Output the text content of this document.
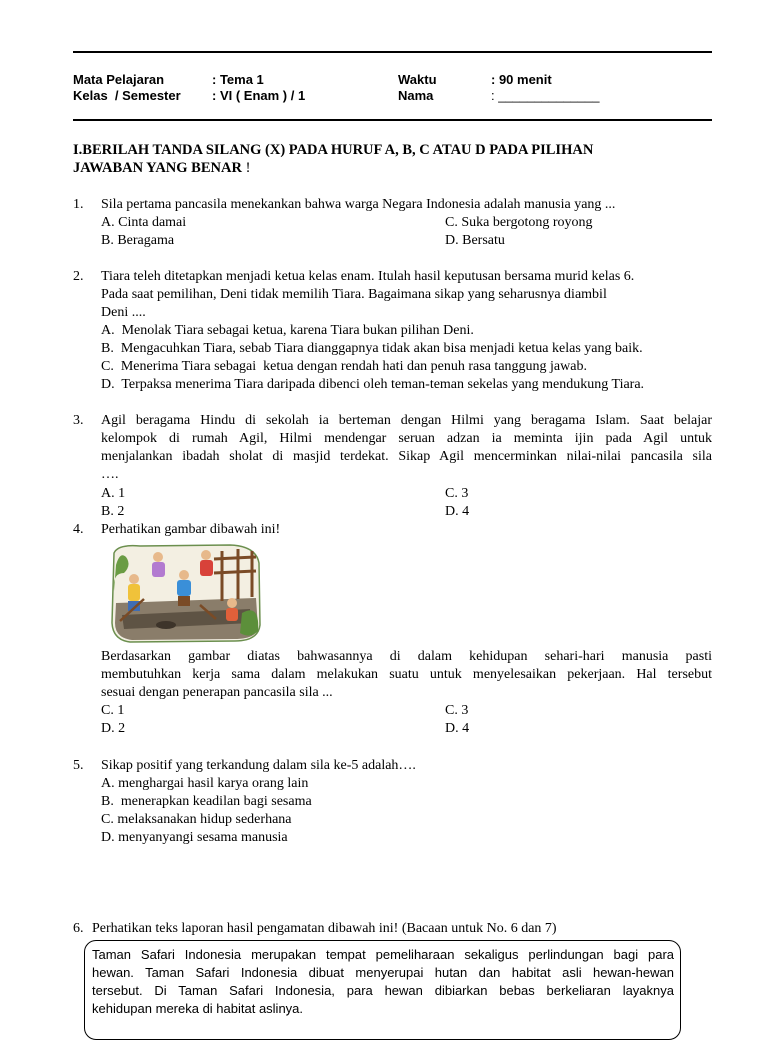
Mata Pelajaran	: Tema 1	Waktu	: 90 menit
Kelas  / Semester : VI ( Enam ) / 1	Nama	: ______________
I.BERILAH TANDA SILANG (X) PADA HURUF A, B, C ATAU D PADA PILIHAN
JAWABAN YANG BENAR !
1. Sila pertama pancasila menekankan bahwa warga Negara Indonesia adalah manusia yang ...
A. Cinta damai	C. Suka bergotong royong
B. Beragama	D. Bersatu
2. Tiara teleh ditetapkan menjadi ketua kelas enam. Itulah hasil keputusan bersama murid kelas 6.
Pada saat pemilihan, Deni tidak memilih Tiara. Bagaimana sikap yang seharusnya diambil
Deni ....
A.  Menolak Tiara sebagai ketua, karena Tiara bukan pilihan Deni.
B.  Mengacuhkan Tiara, sebab Tiara dianggapnya tidak akan bisa menjadi ketua kelas yang baik.
C.  Menerima Tiara sebagai  ketua dengan rendah hati dan penuh rasa tanggung jawab.
D.  Terpaksa menerima Tiara daripada dibenci oleh teman-teman sekelas yang mendukung Tiara.
3. Agil beragama Hindu di sekolah ia berteman dengan Hilmi yang beragama Islam. Saat belajar
kelompok di rumah Agil, Hilmi mendengar seruan adzan ia meminta ijin pada Agil untuk
menjalankan ibadah sholat di masjid terdekat. Sikap Agil mencerminkan nilai-nilai pancasila sila
….
A. 1	C. 3
B. 2	D. 4
4. Perhatikan gambar dibawah ini!
Berdasarkan gambar diatas bahwasannya di dalam kehidupan sehari-hari manusia pasti
membutuhkan kerja sama dalam melakukan suatu untuk menyelesaikan pekerjaan. Hal tersebut
sesuai dengan penerapan pancasila sila ...
C. 1	C. 3
D. 2	D. 4
5. Sikap positif yang terkandung dalam sila ke-5 adalah….
A. menghargai hasil karya orang lain
B.  menerapkan keadilan bagi sesama
C. melaksanakan hidup sederhana
D. menyanyangi sesama manusia
6. Perhatikan teks laporan hasil pengamatan dibawah ini! (Bacaan untuk No. 6 dan 7)
Taman Safari Indonesia merupakan tempat pemeliharaan sekaligus perlindungan bagi para
hewan. Taman Safari Indonesia dibuat menyerupai hutan dan habitat asli hewan-hewan
tersebut. Di Taman Safari Indonesia, para hewan dibiarkan bebas berkeliaran layaknya
kehidupan mereka di habitat aslinya.
